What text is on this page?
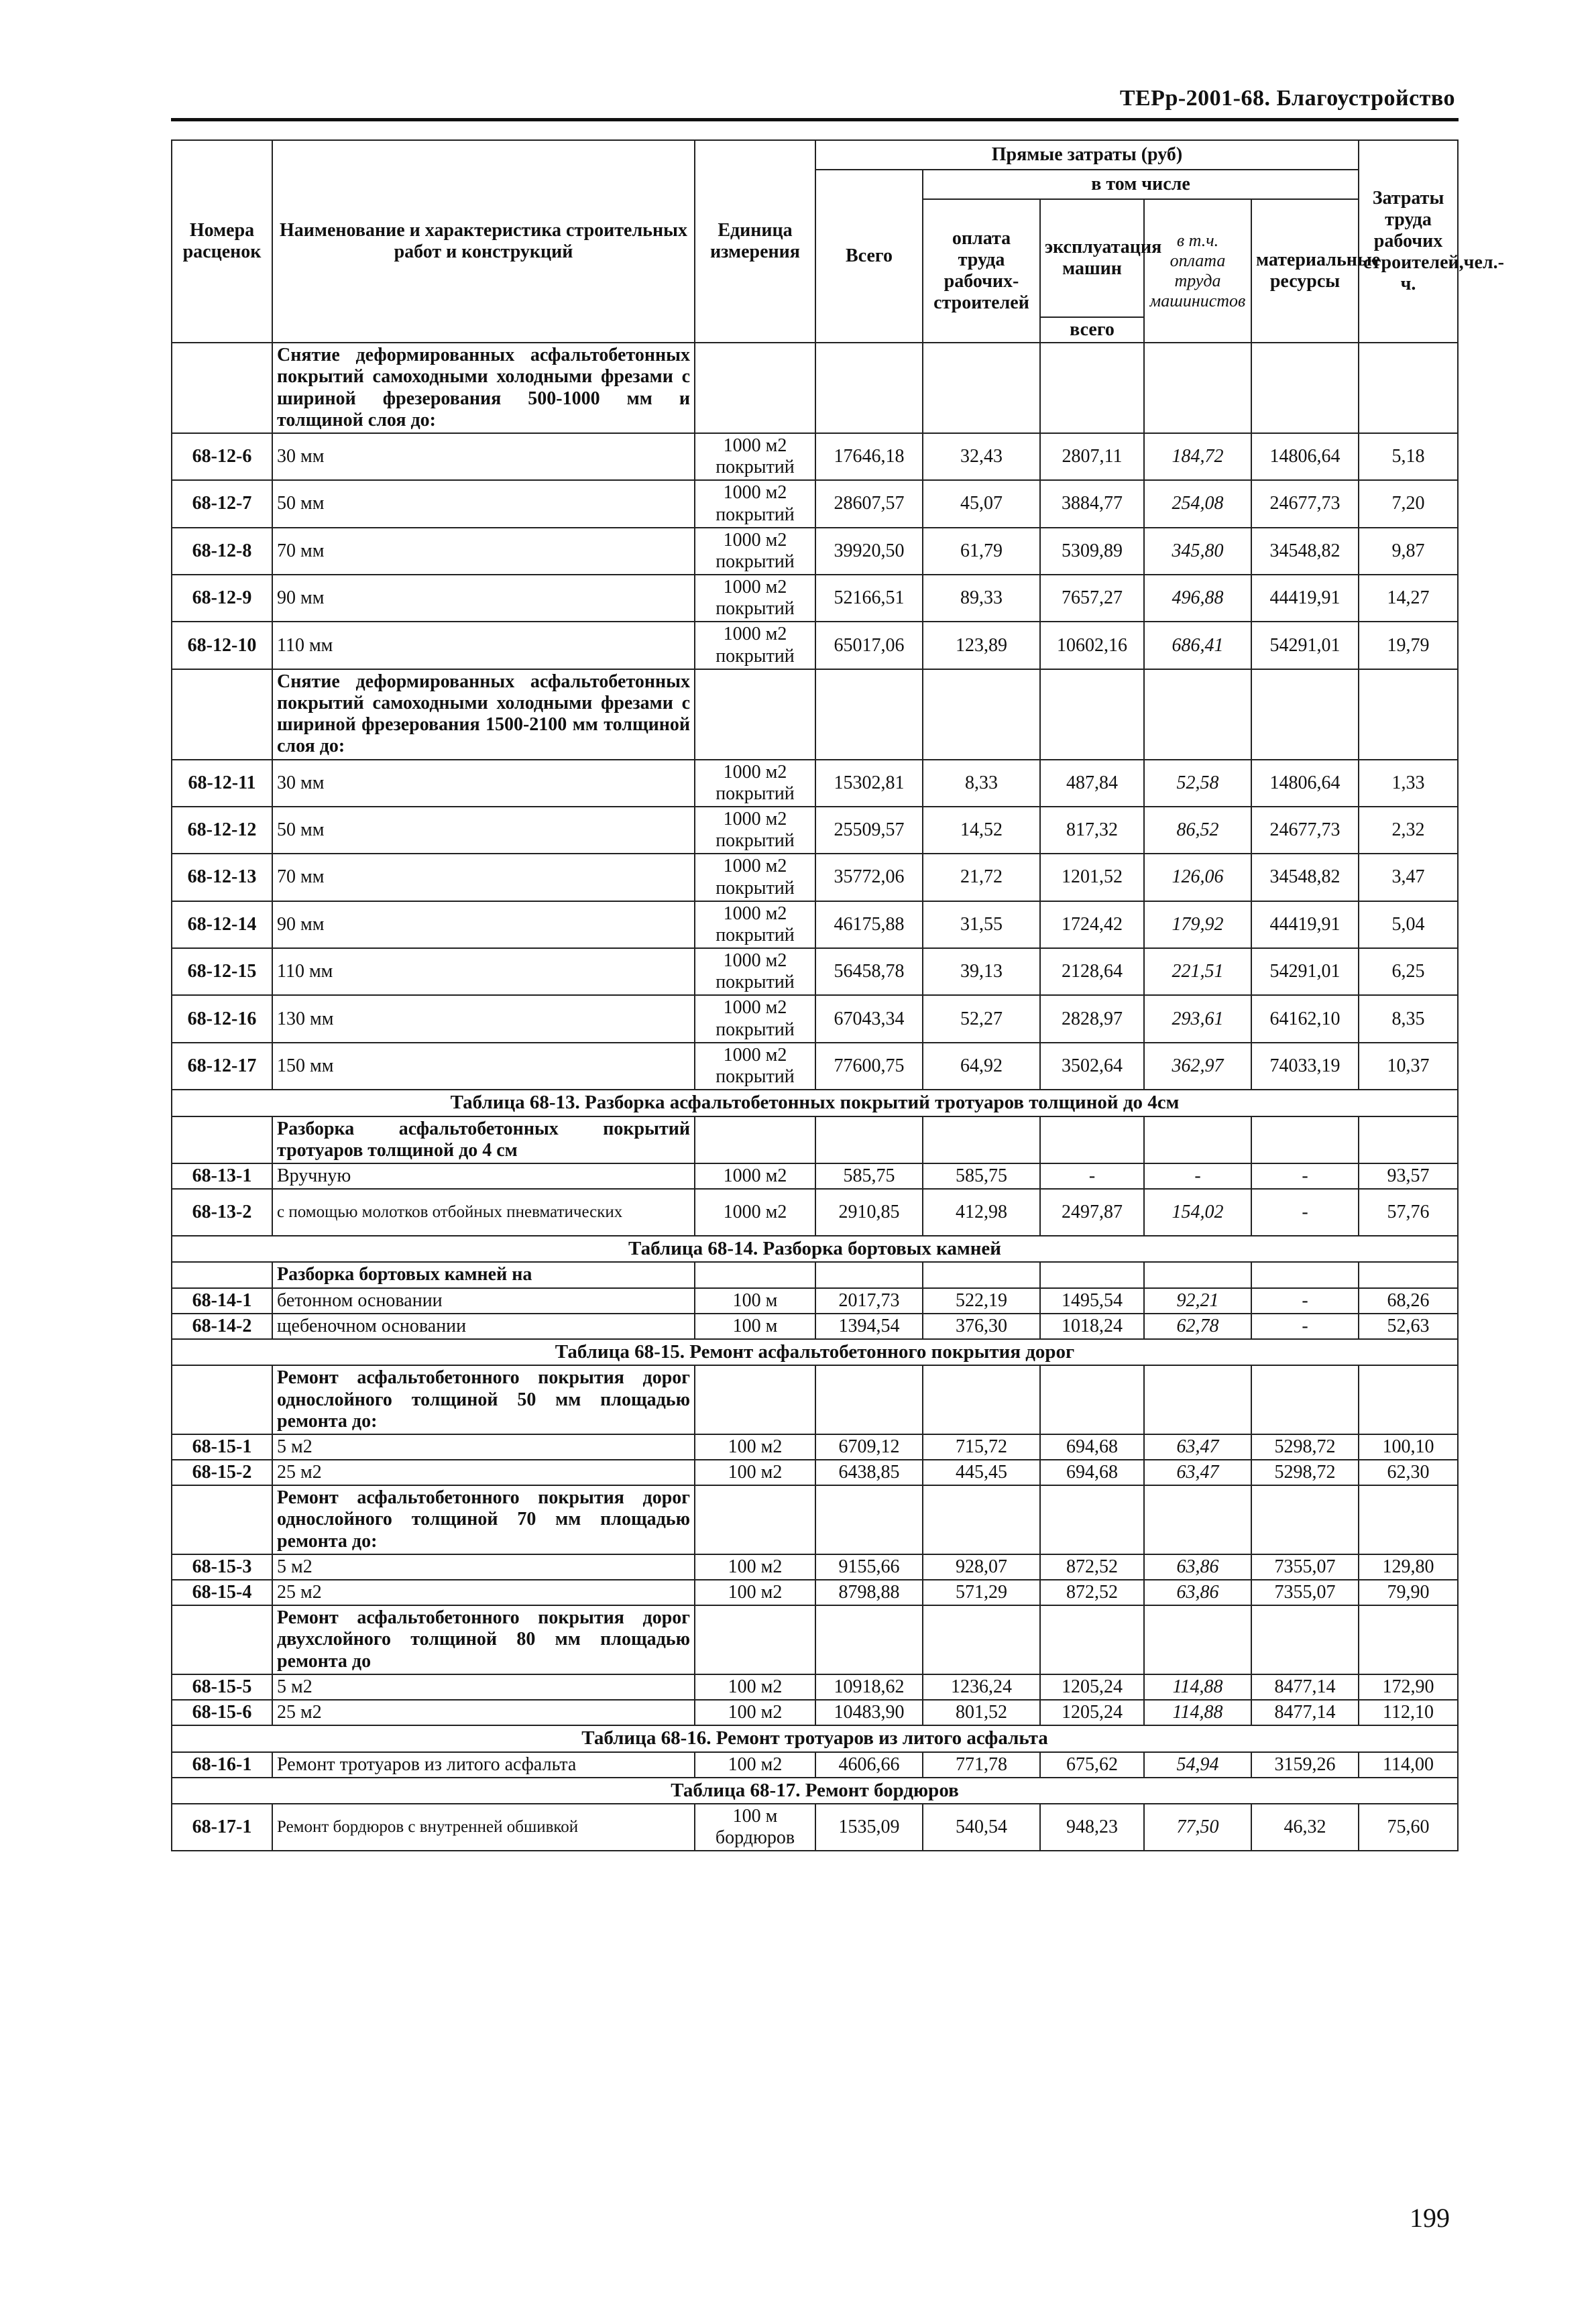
ТЕРр-2001-68. Благоустройство
Номера расценок	Наименование и характеристика строительных работ и конструкций	Единица измерения	Прямые затраты (руб)					Затраты труда рабочих строителей,чел.-ч.
			Всего	в том числе				
				оплата труда рабочих-строителей	эксплуатация машин	в т.ч. оплата труда машинистов	материальные ресурсы	
					всего			
	Снятие деформированных асфальтобетонных покрытий самоходными холодными фрезами с шириной фрезерования 500-1000 мм и толщиной слоя до:							
68-12-6	30 мм	1000 м2 покрытий	17646,18	32,43	2807,11	184,72	14806,64	5,18
68-12-7	50 мм	1000 м2 покрытий	28607,57	45,07	3884,77	254,08	24677,73	7,20
68-12-8	70 мм	1000 м2 покрытий	39920,50	61,79	5309,89	345,80	34548,82	9,87
68-12-9	90 мм	1000 м2 покрытий	52166,51	89,33	7657,27	496,88	44419,91	14,27
68-12-10	110 мм	1000 м2 покрытий	65017,06	123,89	10602,16	686,41	54291,01	19,79
	Снятие деформированных асфальтобетонных покрытий самоходными холодными фрезами с шириной фрезерования 1500-2100 мм толщиной слоя до:							
68-12-11	30 мм	1000 м2 покрытий	15302,81	8,33	487,84	52,58	14806,64	1,33
68-12-12	50 мм	1000 м2 покрытий	25509,57	14,52	817,32	86,52	24677,73	2,32
68-12-13	70 мм	1000 м2 покрытий	35772,06	21,72	1201,52	126,06	34548,82	3,47
68-12-14	90 мм	1000 м2 покрытий	46175,88	31,55	1724,42	179,92	44419,91	5,04
68-12-15	110 мм	1000 м2 покрытий	56458,78	39,13	2128,64	221,51	54291,01	6,25
68-12-16	130 мм	1000 м2 покрытий	67043,34	52,27	2828,97	293,61	64162,10	8,35
68-12-17	150 мм	1000 м2 покрытий	77600,75	64,92	3502,64	362,97	74033,19	10,37
Таблица 68-13. Разборка асфальтобетонных покрытий тротуаров толщиной до 4см								
	Разборка асфальтобетонных покрытий тротуаров толщиной до 4 см							
68-13-1	Вручную	1000 м2	585,75	585,75	-	-	-	93,57
68-13-2	с помощью молотков отбойных пневматических	1000 м2	2910,85	412,98	2497,87	154,02	-	57,76
Таблица 68-14. Разборка бортовых камней								
	Разборка бортовых камней на							
68-14-1	бетонном основании	100 м	2017,73	522,19	1495,54	92,21	-	68,26
68-14-2	щебеночном основании	100 м	1394,54	376,30	1018,24	62,78	-	52,63
Таблица 68-15. Ремонт асфальтобетонного покрытия дорог								
	Ремонт асфальтобетонного покрытия дорог однослойного толщиной 50 мм площадью ремонта до:							
68-15-1	5 м2	100 м2	6709,12	715,72	694,68	63,47	5298,72	100,10
68-15-2	25 м2	100 м2	6438,85	445,45	694,68	63,47	5298,72	62,30
	Ремонт асфальтобетонного покрытия дорог однослойного толщиной 70 мм площадью ремонта до:							
68-15-3	5 м2	100 м2	9155,66	928,07	872,52	63,86	7355,07	129,80
68-15-4	25 м2	100 м2	8798,88	571,29	872,52	63,86	7355,07	79,90
	Ремонт асфальтобетонного покрытия дорог двухслойного толщиной 80 мм площадью ремонта до							
68-15-5	5 м2	100 м2	10918,62	1236,24	1205,24	114,88	8477,14	172,90
68-15-6	25 м2	100 м2	10483,90	801,52	1205,24	114,88	8477,14	112,10
Таблица 68-16. Ремонт тротуаров из литого асфальта								
68-16-1	Ремонт тротуаров из литого асфальта	100 м2	4606,66	771,78	675,62	54,94	3159,26	114,00
Таблица 68-17. Ремонт бордюров								
68-17-1	Ремонт бордюров с внутренней обшивкой	100 м бордюров	1535,09	540,54	948,23	77,50	46,32	75,60
199
